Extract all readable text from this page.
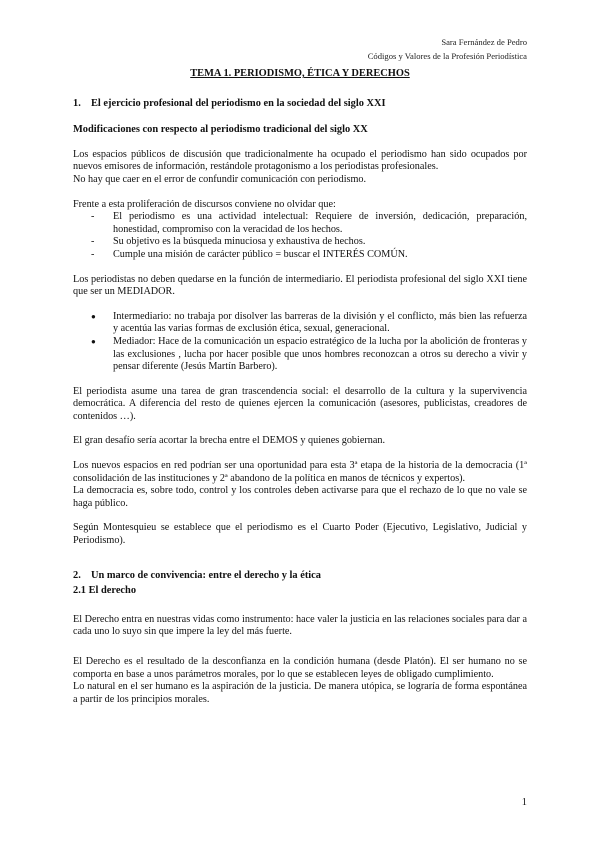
Sara Fernández de Pedro
Códigos y Valores de la Profesión Periodística
TEMA 1. PERIODISMO, ÉTICA Y DERECHOS
1. El ejercicio profesional del periodismo en la sociedad del siglo XXI
Modificaciones con respecto al periodismo tradicional del siglo XX

Los espacios públicos de discusión que tradicionalmente ha ocupado el periodismo han sido ocupados por nuevos emisores de información, restándole protagonismo a los periodistas profesionales.
No hay que caer en el error de confundir comunicación con periodismo.

Frente a esta proliferación de discursos conviene no olvidar que:

- El periodismo es una actividad intelectual: Requiere de inversión, dedicación, preparación, honestidad, compromiso con la veracidad de los hechos.
- Su objetivo es la búsqueda minuciosa y exhaustiva de hechos.
- Cumple una misión de carácter público = buscar el INTERÉS COMÚN.

Los periodistas no deben quedarse en la función de intermediario. El periodista profesional del siglo XXI tiene que ser un MEDIADOR.

● Intermediario: no trabaja por disolver las barreras de la división y el conflicto, más bien las refuerza y acentúa las varias formas de exclusión ética, sexual, generacional.
● Mediador: Hace de la comunicación un espacio estratégico de la lucha por la abolición de fronteras y las exclusiones , lucha por hacer posible que unos hombres reconozcan a otros su derecho a vivir y pensar diferente (Jesús Martín Barbero).

El periodista asume una tarea de gran trascendencia social: el desarrollo de la cultura y la supervivencia democrática. A diferencia del resto de quienes ejercen la comunicación (asesores, publicistas, creadores de contenidos …).

El gran desafío sería acortar la brecha entre el DEMOS y quienes gobiernan.

Los nuevos espacios en red podrían ser una oportunidad para esta 3ª etapa de la historia de la democracia (1ª consolidación de las instituciones y 2ª abandono de la política en manos de técnicos y expertos).
La democracia es, sobre todo, control y los controles deben activarse para que el rechazo de lo que no vale se haga público.

Según Montesquieu se establece que el periodismo es el Cuarto Poder (Ejecutivo, Legislativo, Judicial y Periodismo).

2. Un marco de convivencia: entre el derecho y la ética
2.1 El derecho

El Derecho entra en nuestras vidas como instrumento: hace valer la justicia en las relaciones sociales para dar a cada uno lo suyo sin que impere la ley del más fuerte.

El Derecho es el resultado de la desconfianza en la condición humana (desde Platón). El ser humano no se comporta en base a unos parámetros morales, por lo que se establecen leyes de obligado cumplimiento.
Lo natural en el ser humano es la aspiración de la justicia. De manera utópica, se lograría de forma espontánea a partir de los principios morales.

1
